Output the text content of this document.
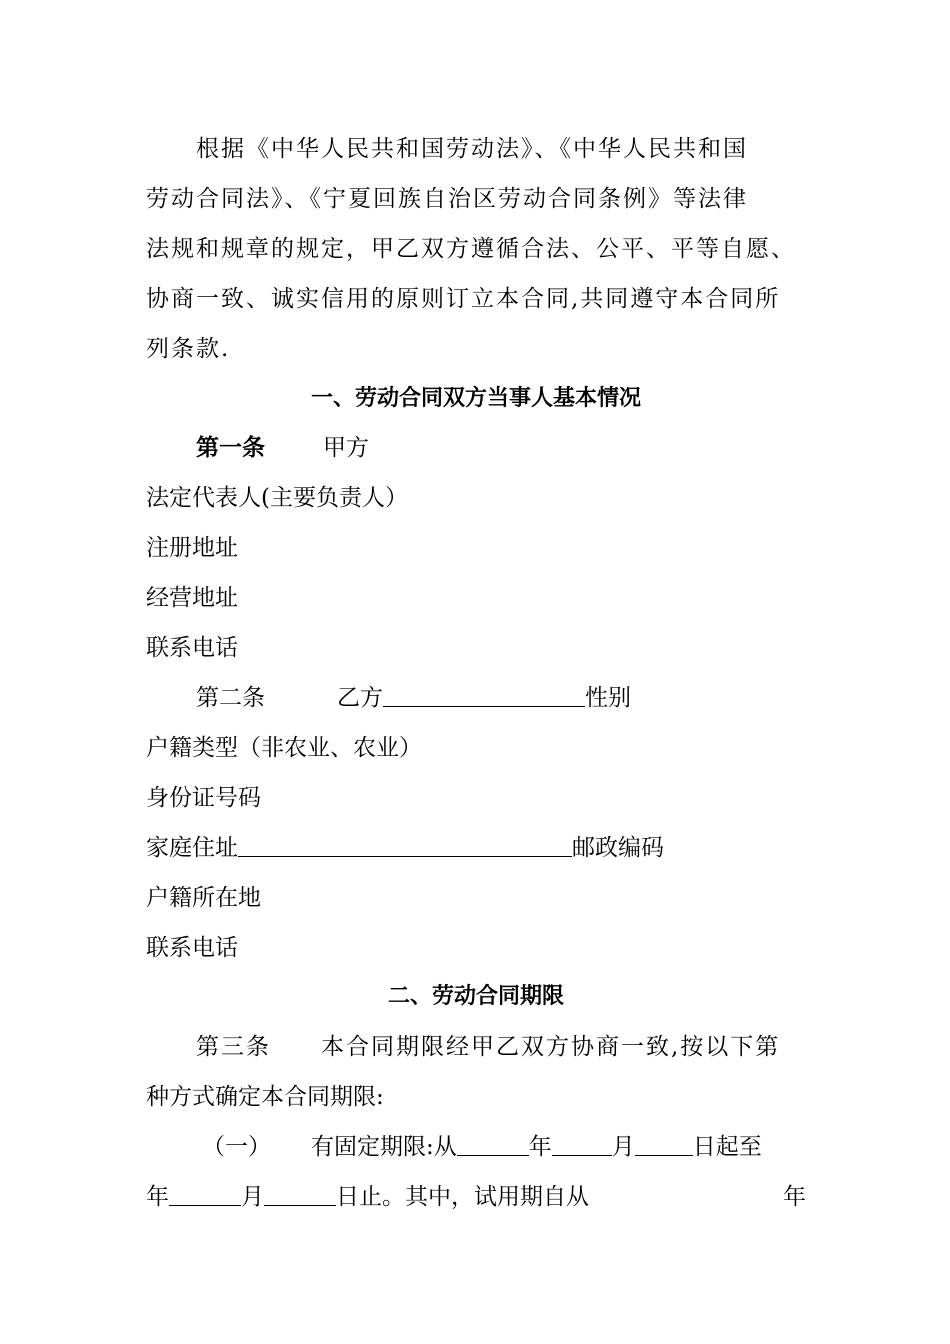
根据《中华人民共和国劳动法》、《中华人民共和国
劳动合同法》、《宁夏回族自治区劳动合同条例》等法律
法规和规章的规定，甲乙双方遵循合法、公平、平等自愿、
协商一致、诚实信用的原则订立本合同,共同遵守本合同所
列条款.
一、劳动合同双方当事人基本情况
第一条	甲方
法定代表人(主要负责人）
注册地址
经营地址
联系电话
第二条	乙方	性别
户籍类型（非农业、农业）
身份证号码
家庭住址	邮政编码
户籍所在地
联系电话
二、劳动合同期限
第三条 本合同期限经甲乙双方协商一致,按以下第
种方式确定本合同期限:
（一） 有固定期限:从	年	月	日起至
年	月	日止。其中，试用期自从	年
